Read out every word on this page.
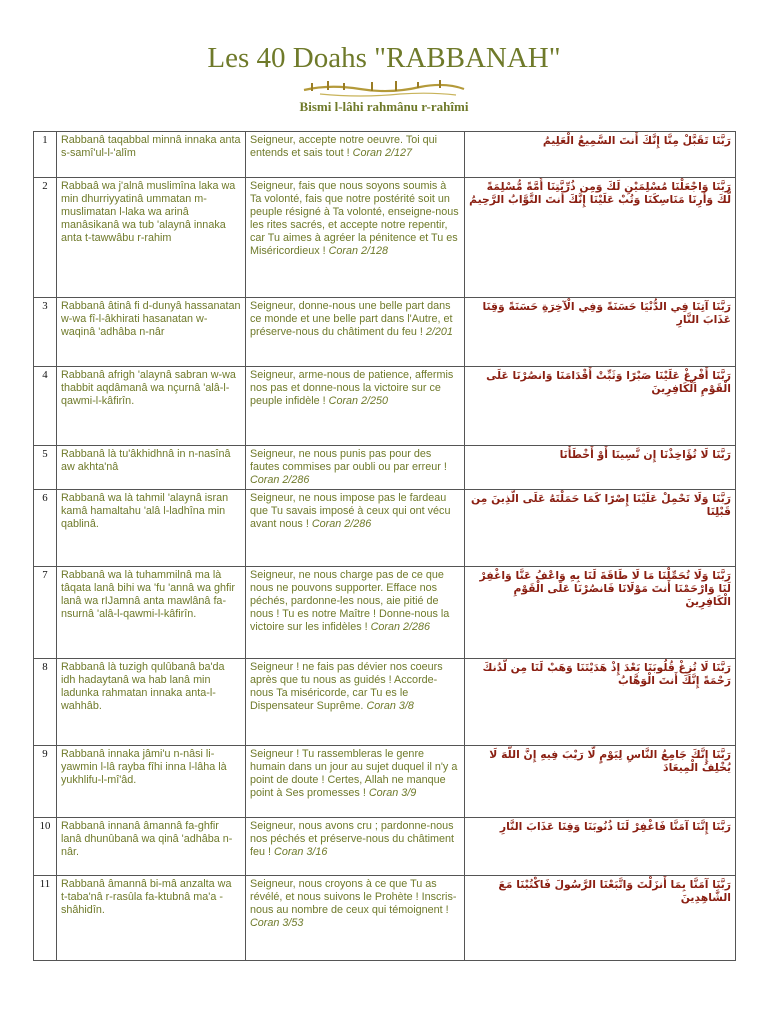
Les 40 Doahs "RABBANAH"
Bismi l-lâhi rahmânu r-rahîmi
1	Rabbanâ taqabbal minnâ innaka anta s-samî'ul-l-'alîm	Seigneur, accepte notre oeuvre. Toi qui entends et sais tout ! Coran 2/127	رَبَّنَا تَقَبَّلْ مِنَّا إِنَّكَ أَنتَ السَّمِيعُ الْعَلِيمُ
2	Rabbaâ wa j'alnâ muslimîna laka wa min dhurriyyatinâ ummatan m-muslimatan l-laka wa arinâ manâsikanâ wa tub 'alaynâ innaka anta t-tawwâbu r-rahim	Seigneur, fais que nous soyons soumis à Ta volonté, fais que notre postérité soit un peuple résigné à Ta volonté, enseigne-nous les rites sacrés, et accepte notre repentir, car Tu aimes à agréer la pénitence et Tu es Miséricordieux ! Coran 2/128	رَبَّنَا وَاجْعَلْنَا مُسْلِمَيْنِ لَكَ وَمِن ذُرِّيَّتِنَا أُمَّةً مُّسْلِمَةً لَّكَ وَأَرِنَا مَنَاسِكَنَا وَتُبْ عَلَيْنَا إِنَّكَ أَنتَ التَّوَّابُ الرَّحِيمُ
3	Rabbanâ âtinâ fi d-dunyâ hassanatan w-wa fî-l-âkhirati hasanatan w-waqinâ 'adhâba n-nâr	Seigneur, donne-nous une belle part dans ce monde et une belle part dans l'Autre, et préserve-nous du châtiment du feu ! 2/201	رَبَّنَا آتِنَا فِي الدُّنْيَا حَسَنَةً وَفِي الْآخِرَةِ حَسَنَةً وَقِنَا عَذَابَ النَّارِ
4	Rabbanâ afrigh 'alaynâ sabran w-wa thabbit aqdâmanâ wa nçurnâ 'alâ-l-qawmi-l-kâfirîn.	Seigneur, arme-nous de patience, affermis nos pas et donne-nous la victoire sur ce peuple infidèle ! Coran 2/250	رَبَّنَا أَفْرِغْ عَلَيْنَا صَبْرًا وَثَبِّتْ أَقْدَامَنَا وَانصُرْنَا عَلَى الْقَوْمِ الْكَافِرِينَ
5	Rabbanâ là tu'âkhidhnâ in n-nasînâ aw akhta'nâ	Seigneur, ne nous punis pas pour des fautes commises par oubli ou par erreur ! Coran 2/286	رَبَّنَا لَا تُؤَاخِذْنَا إِن نَّسِينَا أَوْ أَخْطَأْنَا
6	Rabbanâ wa là tahmil 'alaynâ isran kamâ hamaltahu 'alâ l-ladhîna min qablinâ.	Seigneur, ne nous impose pas le fardeau que Tu savais imposé à ceux qui ont vécu avant nous ! Coran 2/286	رَبَّنَا وَلَا تَحْمِلْ عَلَيْنَا إِصْرًا كَمَا حَمَلْتَهُ عَلَى الَّذِينَ مِن قَبْلِنَا
7	Rabbanâ wa là tuhammilnâ ma là tâqata lanâ bihi wa 'fu 'annâ wa ghfir lanâ wa rIJamnâ anta mawlânâ fa-nsurnâ 'alâ-l-qawmi-l-kâfirîn.	Seigneur, ne nous charge pas de ce que nous ne pouvons supporter. Efface nos péchés, pardonne-les nous, aie pitié de nous ! Tu es notre Maître ! Donne-nous la victoire sur les infidèles ! Coran 2/286	رَبَّنَا وَلَا تُحَمِّلْنَا مَا لَا طَاقَةَ لَنَا بِهِ وَاعْفُ عَنَّا وَاغْفِرْ لَنَا وَارْحَمْنَا أَنتَ مَوْلَانَا فَانصُرْنَا عَلَى الْقَوْمِ الْكَافِرِينَ
8	Rabbanâ là tuzigh qulûbanâ ba'da idh hadaytanâ wa hab lanâ min ladunka rahmatan innaka anta-l-wahhâb.	Seigneur ! ne fais pas dévier nos coeurs après que tu nous as guidés ! Accorde-nous Ta miséricorde, car Tu es le Dispensateur Suprême. Coran 3/8	رَبَّنَا لَا تُزِغْ قُلُوبَنَا بَعْدَ إِذْ هَدَيْتَنَا وَهَبْ لَنَا مِن لَّدُنكَ رَحْمَةً إِنَّكَ أَنتَ الْوَهَّابُ
9	Rabbanâ innaka jâmi'u n-nâsi li-yawmin l-lâ rayba fîhi inna l-lâha là yukhlifu-l-mî'âd.	Seigneur ! Tu rassembleras le genre humain dans un jour au sujet duquel il n'y a point de doute ! Certes, Allah ne manque point à Ses promesses ! Coran 3/9	رَبَّنَا إِنَّكَ جَامِعُ النَّاسِ لِيَوْمٍ لَّا رَيْبَ فِيهِ إِنَّ اللَّهَ لَا يُخْلِفُ الْمِيعَادَ
10	Rabbanâ innanâ âmannâ fa-ghfir lanâ dhunûbanâ wa qinâ 'adhâba n-nâr.	Seigneur, nous avons cru ; pardonne-nous nos péchés et préserve-nous du châtiment feu ! Coran 3/16	رَبَّنَا إِنَّنَا آمَنَّا فَاغْفِرْ لَنَا ذُنُوبَنَا وَقِنَا عَذَابَ النَّارِ
11	Rabbanâ âmannâ bi-mâ anzalta wa t-taba'nâ r-rasûla fa-ktubnâ ma'a -shâhidîn.	Seigneur, nous croyons à ce que Tu as révélé, et nous suivons le Prohète ! Inscris-nous au nombre de ceux qui témoignent ! Coran 3/53	رَبَّنَا آمَنَّا بِمَا أَنزَلْتَ وَاتَّبَعْنَا الرَّسُولَ فَاكْتُبْنَا مَعَ الشَّاهِدِينَ
